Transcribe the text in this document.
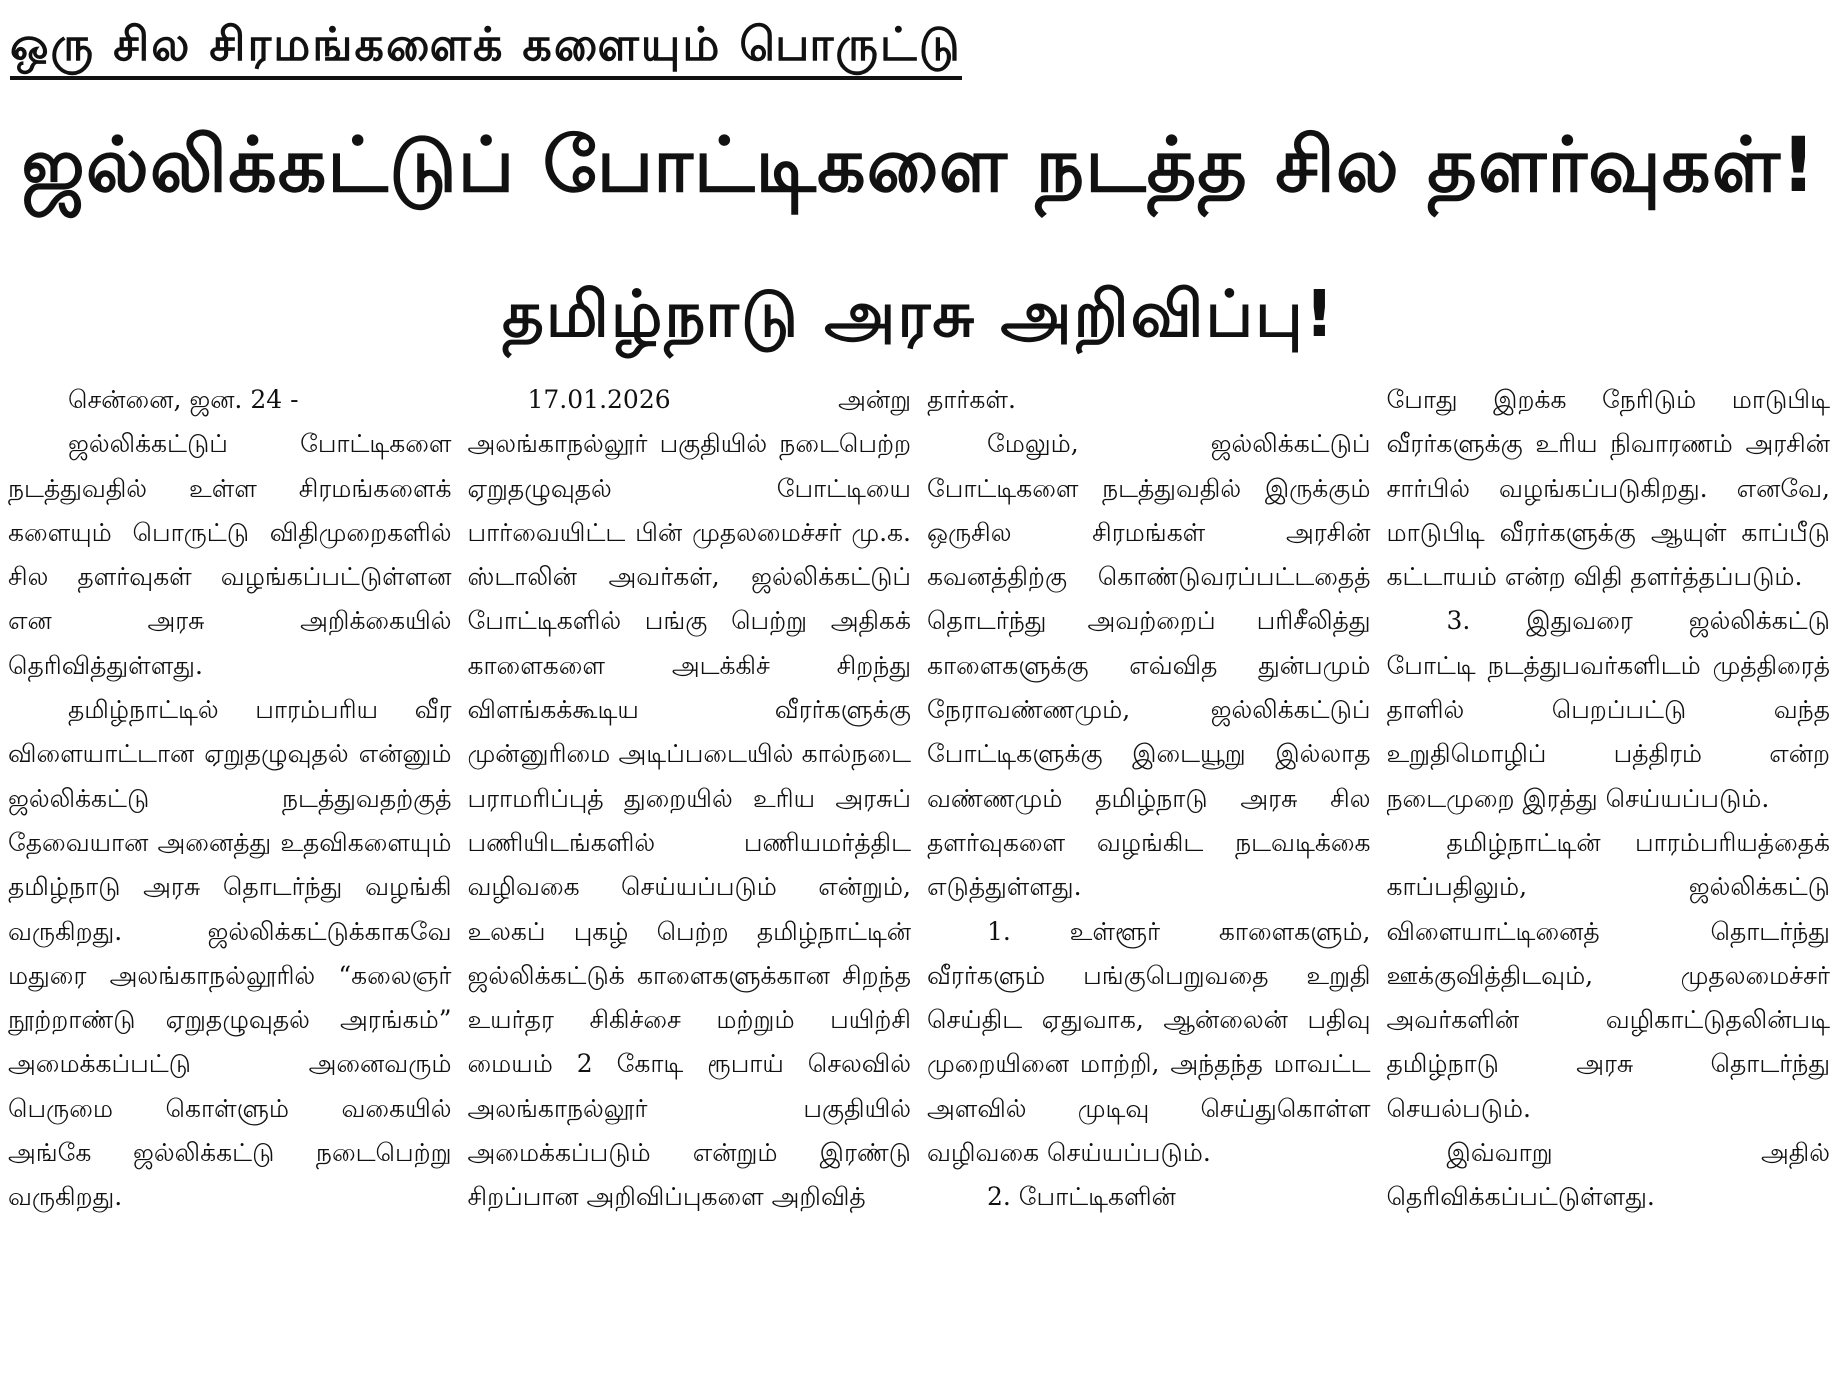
ஒரு சில சிரமங்களைக் களையும் பொருட்டு
ஜல்லிக்கட்டுப் போட்டிகளை நடத்த சில தளர்வுகள்!
தமிழ்நாடு அரசு அறிவிப்பு!

சென்னை, ஜன. 24 -

ஜல்லிக்கட்டுப் போட்டிகளை நடத்துவதில் உள்ள சிரமங்களைக் களையும் பொருட்டு விதிமுறைகளில் சில தளர்வுகள் வழங்கப்பட்டுள்ளன என அரசு அறிக்கையில் தெரிவித்துள்ளது.

தமிழ்நாட்டில் பாரம்பரிய வீர விளையாட்டான ஏறுதழுவுதல் என்னும் ஜல்லிக்கட்டு நடத்துவதற்குத் தேவையான அனைத்து உதவிகளையும் தமிழ்நாடு அரசு தொடர்ந்து வழங்கி வருகிறது. ஜல்லிக்கட்டுக்காகவே மதுரை அலங்காநல்லூரில் “கலைஞர் நூற்றாண்டு ஏறுதழுவுதல் அரங்கம்” அமைக்கப்பட்டு அனைவரும் பெருமை கொள்ளும் வகையில் அங்கே ஜல்லிக்கட்டு நடைபெற்று வருகிறது.

17.01.2026 அன்று அலங்காநல்லூர் பகுதியில் நடைபெற்ற ஏறுதழுவுதல் போட்டியை பார்வையிட்ட பின் முதலமைச்சர் மு.க. ஸ்டாலின் அவர்கள், ஜல்லிக்கட்டுப் போட்டிகளில் பங்கு பெற்று அதிகக் காளைகளை அடக்கிச் சிறந்து விளங்கக்கூடிய வீரர்களுக்கு முன்னுரிமை அடிப்படையில் கால்நடை பராமரிப்புத் துறையில் உரிய அரசுப் பணியிடங்களில் பணியமர்த்திட வழிவகை செய்யப்படும் என்றும், உலகப் புகழ் பெற்ற தமிழ்நாட்டின் ஜல்லிக்கட்டுக் காளைகளுக்கான சிறந்த உயர்தர சிகிச்சை மற்றும் பயிற்சி மையம் 2 கோடி ரூபாய் செலவில் அலங்காநல்லூர் பகுதியில் அமைக்கப்படும் என்றும் இரண்டு சிறப்பான அறிவிப்புகளை அறிவித்

தார்கள்.

மேலும், ஜல்லிக்கட்டுப் போட்டிகளை நடத்துவதில் இருக்கும் ஒருசில சிரமங்கள் அரசின் கவனத்திற்கு கொண்டுவரப்பட்டதைத் தொடர்ந்து அவற்றைப் பரிசீலித்து காளைகளுக்கு எவ்வித துன்பமும் நேராவண்ணமும், ஜல்லிக்கட்டுப் போட்டிகளுக்கு இடையூறு இல்லாத வண்ணமும் தமிழ்நாடு அரசு சில தளர்வுகளை வழங்கிட நடவடிக்கை எடுத்துள்ளது.

1. உள்ளூர் காளைகளும், வீரர்களும் பங்குபெறுவதை உறுதி செய்திட ஏதுவாக, ஆன்லைன் பதிவு முறையினை மாற்றி, அந்தந்த மாவட்ட அளவில் முடிவு செய்துகொள்ள வழிவகை செய்யப்படும்.

2. போட்டிகளின்

போது இறக்க நேரிடும் மாடுபிடி வீரர்களுக்கு உரிய நிவாரணம் அரசின் சார்பில் வழங்கப்படுகிறது. எனவே, மாடுபிடி வீரர்களுக்கு ஆயுள் காப்பீடு கட்டாயம் என்ற விதி தளர்த்தப்படும்.

3. இதுவரை ஜல்லிக்கட்டு போட்டி நடத்துபவர்களிடம் முத்திரைத் தாளில் பெறப்பட்டு வந்த உறுதிமொழிப் பத்திரம் என்ற நடைமுறை இரத்து செய்யப்படும்.

தமிழ்நாட்டின் பாரம்பரியத்தைக் காப்பதிலும், ஜல்லிக்கட்டு விளையாட்டினைத் தொடர்ந்து ஊக்குவித்திடவும், முதலமைச்சர் அவர்களின் வழிகாட்டுதலின்படி தமிழ்நாடு அரசு தொடர்ந்து செயல்படும்.

இவ்வாறு அதில் தெரிவிக்கப்பட்டுள்ளது.
